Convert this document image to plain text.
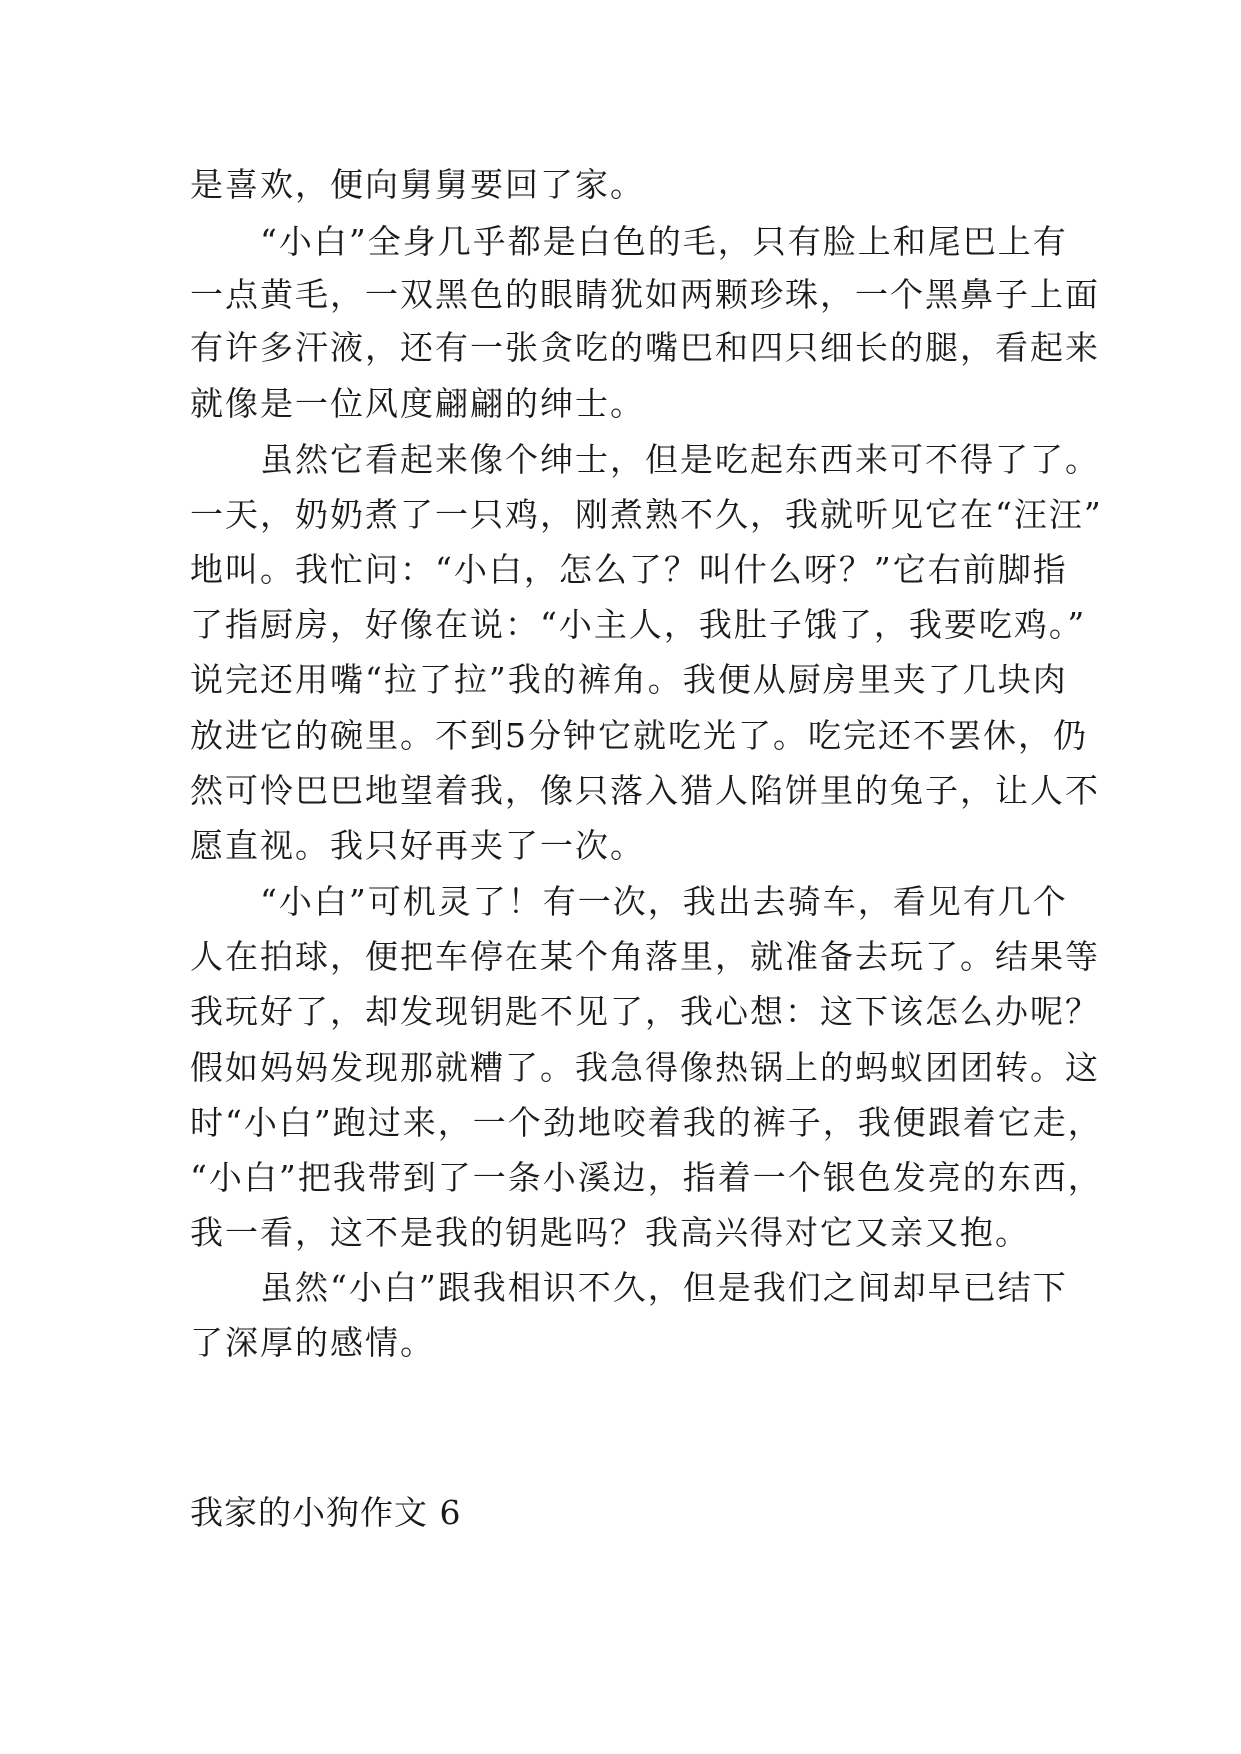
是喜欢，便向舅舅要回了家。
　　“小白”全身几乎都是白色的毛，只有脸上和尾巴上有
一点黄毛，一双黑色的眼睛犹如两颗珍珠，一个黑鼻子上面
有许多汗液，还有一张贪吃的嘴巴和四只细长的腿，看起来
就像是一位风度翩翩的绅士。
　　虽然它看起来像个绅士，但是吃起东西来可不得了了。
一天，奶奶煮了一只鸡，刚煮熟不久，我就听见它在“汪汪”
地叫。我忙问：“小白，怎么了？叫什么呀？”它右前脚指
了指厨房，好像在说：“小主人，我肚子饿了，我要吃鸡。”
说完还用嘴“拉了拉”我的裤角。我便从厨房里夹了几块肉
放进它的碗里。不到5分钟它就吃光了。吃完还不罢休，仍
然可怜巴巴地望着我，像只落入猎人陷饼里的兔子，让人不
愿直视。我只好再夹了一次。
　　“小白”可机灵了！有一次，我出去骑车，看见有几个
人在拍球，便把车停在某个角落里，就准备去玩了。结果等
我玩好了，却发现钥匙不见了，我心想：这下该怎么办呢？
假如妈妈发现那就糟了。我急得像热锅上的蚂蚁团团转。这
时“小白”跑过来，一个劲地咬着我的裤子，我便跟着它走，
“小白”把我带到了一条小溪边，指着一个银色发亮的东西，
我一看，这不是我的钥匙吗？我高兴得对它又亲又抱。
　　虽然“小白”跟我相识不久，但是我们之间却早已结下
了深厚的感情。
我家的小狗作文 6
